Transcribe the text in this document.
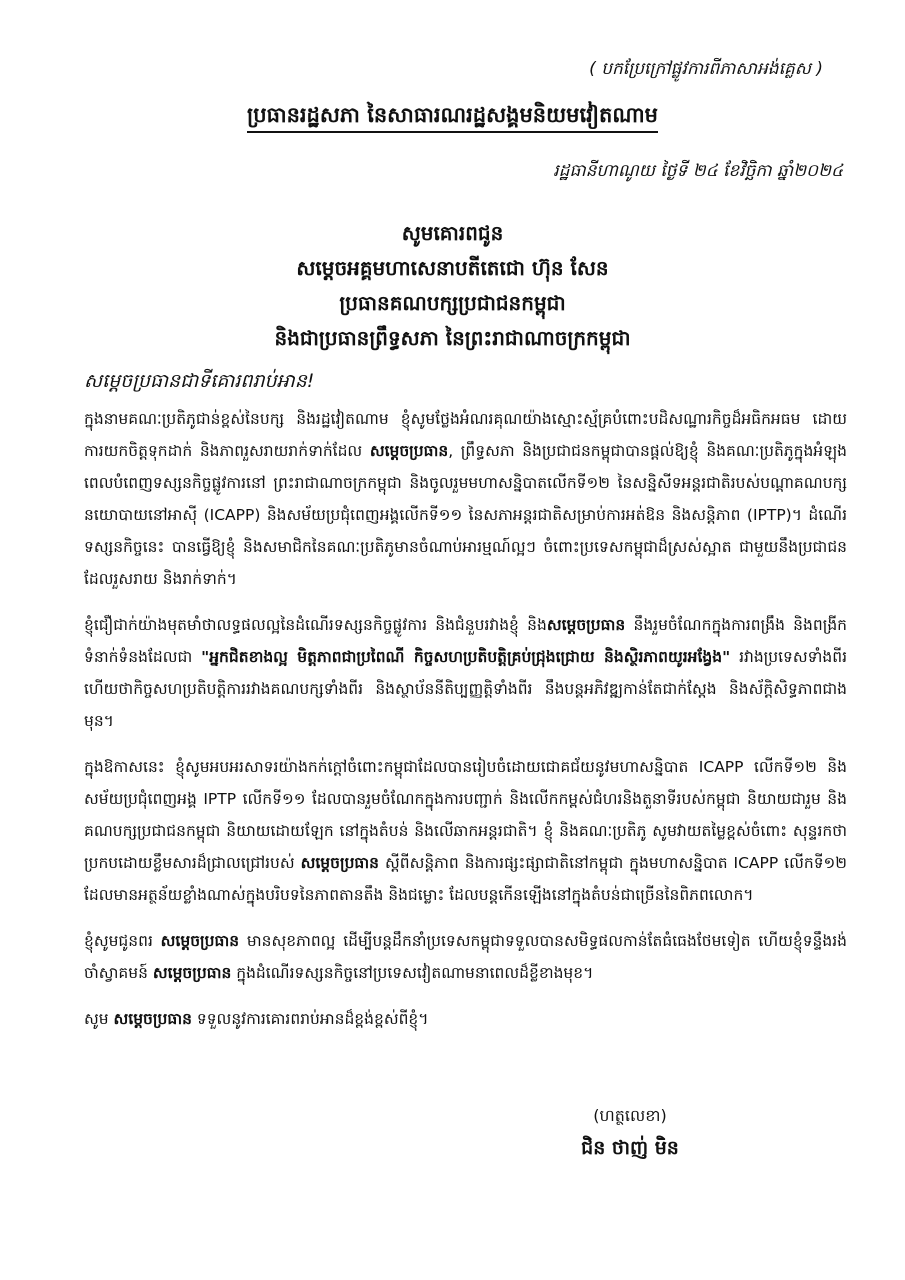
( បកប្រែក្រៅផ្លូវការពីភាសាអង់គ្លេស )
ប្រធានរដ្ឋសភា នៃសាធារណរដ្ឋសង្គមនិយមវៀតណាម
រដ្ឋធានីហាណូយ ថ្ងៃទី ២៤ ខែវិច្ឆិកា ឆ្នាំ២០២៤
សូមគោរពជូន
សម្តេចអគ្គមហាសេនាបតីតេជោ ហ៊ុន សែន
ប្រធានគណបក្សប្រជាជនកម្ពុជា
និងជាប្រធានព្រឹទ្ធសភា នៃព្រះរាជាណាចក្រកម្ពុជា
សម្តេចប្រធានជាទីគោរពរាប់អាន!

ក្នុងនាមគណៈប្រតិភូជាន់ខ្ពស់នៃបក្ស និងរដ្ឋវៀតណាម ខ្ញុំសូមថ្លែងអំណរគុណយ៉ាងស្មោះស្ម័គ្របំពោះបដិសណ្ឋារកិច្ចដ៏អធិកអធម ដោយការយកចិត្តទុកដាក់ និងភាពរួសរាយរាក់ទាក់ដែល សម្តេចប្រធាន, ព្រឹទ្ធសភា និងប្រជាជនកម្ពុជាបានផ្តល់ឱ្យខ្ញុំ និងគណៈប្រតិភូក្នុងអំឡុងពេលបំពេញទស្សនកិច្ចផ្លូវការនៅ ព្រះរាជាណាចក្រកម្ពុជា និងចូលរួមមហាសន្និបាតលើកទី១២ នៃសន្និសីទអន្តរជាតិរបស់បណ្តាគណបក្សនយោបាយនៅអាស៊ី (ICAPP) និងសម័យប្រជុំពេញអង្គលើកទី១១ នៃសភាអន្តរជាតិសម្រាប់ការអត់ឱន និងសន្តិភាព (IPTP)។ ដំណើរទស្សនកិច្ចនេះ បានធ្វើឱ្យខ្ញុំ និងសមាជិកនៃគណៈប្រតិភូមានចំណាប់អារម្មណ៍ល្អៗ ចំពោះប្រទេសកម្ពុជាដ៏ស្រស់ស្អាត ជាមួយនឹងប្រជាជនដែលរួសរាយ និងរាក់ទាក់។

ខ្ញុំជឿជាក់យ៉ាងមុតមាំថាលទ្ធផលល្អនៃដំណើរទស្សនកិច្ចផ្លូវការ និងជំនួបរវាងខ្ញុំ និងសម្តេចប្រធាន នឹងរួមចំណែកក្នុងការពង្រឹង និងពង្រីកទំនាក់ទំនងដែលជា "អ្នកជិតខាងល្អ មិត្តភាពជាប្រពៃណី កិច្ចសហប្រតិបត្តិគ្រប់ជ្រុងជ្រោយ និងស្ថិរភាពយូរអង្វែង" រវាងប្រទេសទាំងពីរ ហើយថាកិច្ចសហប្រតិបត្តិការរវាងគណបក្សទាំងពីរ និងស្ថាប័ននីតិប្បញ្ញត្តិទាំងពីរ នឹងបន្តអភិវឌ្ឍកាន់តែជាក់ស្តែង និងស័ក្តិសិទ្ធភាពជាងមុន។

ក្នុងឱកាសនេះ ខ្ញុំសូមអបអរសាទរយ៉ាងកក់ក្តៅចំពោះកម្ពុជាដែលបានរៀបចំដោយជោគជ័យនូវមហាសន្និបាត ICAPP លើកទី១២ និងសម័យប្រជុំពេញអង្គ IPTP លើកទី១១ ដែលបានរួមចំណែកក្នុងការបញ្ជាក់ និងលើកកម្ពស់ជំហរនិងតួនាទីរបស់កម្ពុជា និយាយជារួម និងគណបក្សប្រជាជនកម្ពុជា និយាយដោយឡែក នៅក្នុងតំបន់ និងលើឆាកអន្តរជាតិ។ ខ្ញុំ និងគណៈប្រតិភូ សូមវាយតម្លៃខ្ពស់ចំពោះ សុន្ទរកថាប្រកបដោយខ្លឹមសារដ៏ជ្រាលជ្រៅរបស់ សម្តេចប្រធាន ស្តីពីសន្តិភាព និងការផ្សះផ្សាជាតិនៅកម្ពុជា ក្នុងមហាសន្និបាត ICAPP លើកទី១២ ដែលមានអត្ថន័យខ្លាំងណាស់ក្នុងបរិបទនៃភាពតានតឹង និងជម្លោះ ដែលបន្តកើនឡើងនៅក្នុងតំបន់ជាច្រើននៃពិភពលោក។

ខ្ញុំសូមជូនពរ សម្តេចប្រធាន មានសុខភាពល្អ ដើម្បីបន្តដឹកនាំប្រទេសកម្ពុជាទទួលបានសមិទ្ធផលកាន់តែធំធេងថែមទៀត ហើយខ្ញុំទន្ទឹងរង់ចាំស្វាគមន៍ សម្តេចប្រធាន ក្នុងដំណើរទស្សនកិច្ចនៅប្រទេសវៀតណាមនាពេលដ៏ខ្លីខាងមុខ។

សូម សម្តេចប្រធាន ទទួលនូវការគោរពរាប់អានដ៏ខ្ពង់ខ្ពស់ពីខ្ញុំ។

(ហត្ថលេខា)
ជិន ថាញ់ មិន
